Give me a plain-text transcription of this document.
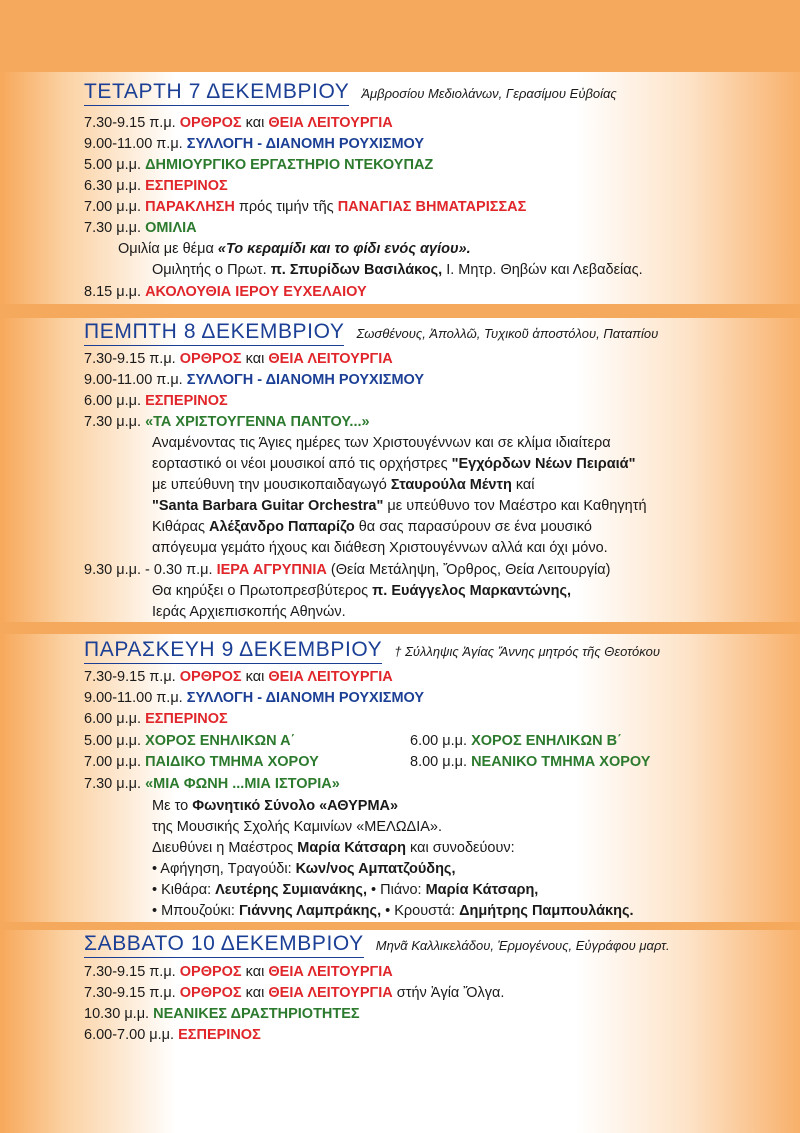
ΤΕΤΑΡΤΗ 7 ΔΕΚΕΜΒΡΙΟΥ Ἀμβροσίου Μεδιολάνων, Γερασίμου Εὐβοίας
7.30-9.15 π.μ. ΟΡΘΡΟΣ και ΘΕΙΑ ΛΕΙΤΟΥΡΓΙΑ
9.00-11.00 π.μ. ΣΥΛΛΟΓΗ - ΔΙΑΝΟΜΗ ΡΟΥΧΙΣΜΟΥ
5.00 μ.μ. ΔΗΜΙΟΥΡΓΙΚΟ ΕΡΓΑΣΤΗΡΙΟ ΝΤΕΚΟΥΠΑΖ
6.30 μ.μ. ΕΣΠΕΡΙΝΟΣ
7.00 μ.μ. ΠΑΡΑΚΛΗΣΗ πρός τιμήν τῆς ΠΑΝΑΓΙΑΣ ΒΗΜΑΤΑΡΙΣΣΑΣ
7.30 μ.μ. ΟΜΙΛΙΑ
Ομιλία με θέμα «Το κεραμίδι και το φίδι ενός αγίου».
Ομιλητής ο Πρωτ. π. Σπυρίδων Βασιλάκος, Ι. Μητρ. Θηβών και Λεβαδείας.
8.15 μ.μ. ΑΚΟΛΟΥΘΙΑ ΙΕΡΟΥ ΕΥΧΕΛΑΙΟΥ
ΠΕΜΠΤΗ 8 ΔΕΚΕΜΒΡΙΟΥ Σωσθένους, Ἀπολλῶ, Τυχικοῦ ἀποστόλου, Παταπίου
7.30-9.15 π.μ. ΟΡΘΡΟΣ και ΘΕΙΑ ΛΕΙΤΟΥΡΓΙΑ
9.00-11.00 π.μ. ΣΥΛΛΟΓΗ - ΔΙΑΝΟΜΗ ΡΟΥΧΙΣΜΟΥ
6.00 μ.μ. ΕΣΠΕΡΙΝΟΣ
7.30 μ.μ. «ΤΑ ΧΡΙΣΤΟΥΓΕΝΝΑ ΠΑΝΤΟΥ...»
Αναμένοντας τις Άγιες ημέρες των Χριστουγέννων και σε κλίμα ιδιαίτερα
εορταστικό οι νέοι μουσικοί από τις ορχήστρες "Εγχόρδων Νέων Πειραιά"
με υπεύθυνη την μουσικοπαιδαγωγό Σταυρούλα Μέντη καί
"Santa Barbara Guitar Orchestra" με υπεύθυνο τον Μαέστρο και Καθηγητή
Κιθάρας Αλέξανδρο Παπαρίζο θα σας παρασύρουν σε ένα μουσικό
απόγευμα γεμάτο ήχους και διάθεση Χριστουγέννων αλλά και όχι μόνο.
9.30 μ.μ. - 0.30 π.μ. ΙΕΡΑ ΑΓΡΥΠΝΙΑ (Θεία Μετάληψη, Ὄρθρος, Θεία Λειτουργία)
Θα κηρύξει ο Πρωτοπρεσβύτερος π. Ευάγγελος Μαρκαντώνης,
Ιεράς Αρχιεπισκοπής Αθηνών.
ΠΑΡΑΣΚΕΥΗ 9 ΔΕΚΕΜΒΡΙΟΥ † Σύλληψις Ἁγίας Ἄννης μητρός τῆς Θεοτόκου
7.30-9.15 π.μ. ΟΡΘΡΟΣ και ΘΕΙΑ ΛΕΙΤΟΥΡΓΙΑ
9.00-11.00 π.μ. ΣΥΛΛΟΓΗ - ΔΙΑΝΟΜΗ ΡΟΥΧΙΣΜΟΥ
6.00 μ.μ. ΕΣΠΕΡΙΝΟΣ
5.00 μ.μ. ΧΟΡΟΣ ΕΝΗΛΙΚΩΝ Α΄	6.00 μ.μ. ΧΟΡΟΣ ΕΝΗΛΙΚΩΝ Β΄
7.00 μ.μ. ΠΑΙΔΙΚΟ ΤΜΗΜΑ ΧΟΡΟΥ	8.00 μ.μ. ΝΕΑΝΙΚΟ ΤΜΗΜΑ ΧΟΡΟΥ
7.30 μ.μ. «ΜΙΑ ΦΩΝΗ ...ΜΙΑ ΙΣΤΟΡΙΑ»
Με το Φωνητικό Σύνολο «ΑΘΥΡΜΑ»
της Μουσικής Σχολής Καμινίων «ΜΕΛΩΔΙΑ».
Διευθύνει η Μαέστρος Μαρία Κάτσαρη και συνοδεύουν:
• Αφήγηση, Τραγούδι: Κων/νος Αμπατζούδης,
• Κιθάρα: Λευτέρης Συμιανάκης, • Πιάνο: Μαρία Κάτσαρη,
• Μπουζούκι: Γιάννης Λαμπράκης, • Κρουστά: Δημήτρης Παμπουλάκης.
ΣΑΒΒΑΤΟ 10 ΔΕΚΕΜΒΡΙΟΥ Μηνᾶ Καλλικελάδου, Ἑρμογένους, Εὐγράφου μαρτ.
7.30-9.15 π.μ. ΟΡΘΡΟΣ και ΘΕΙΑ ΛΕΙΤΟΥΡΓΙΑ
7.30-9.15 π.μ. ΟΡΘΡΟΣ και ΘΕΙΑ ΛΕΙΤΟΥΡΓΙΑ στήν Ἁγία Ὄλγα.
10.30 μ.μ. ΝΕΑΝΙΚΕΣ ΔΡΑΣΤΗΡΙΟΤΗΤΕΣ
6.00-7.00 μ.μ. ΕΣΠΕΡΙΝΟΣ
